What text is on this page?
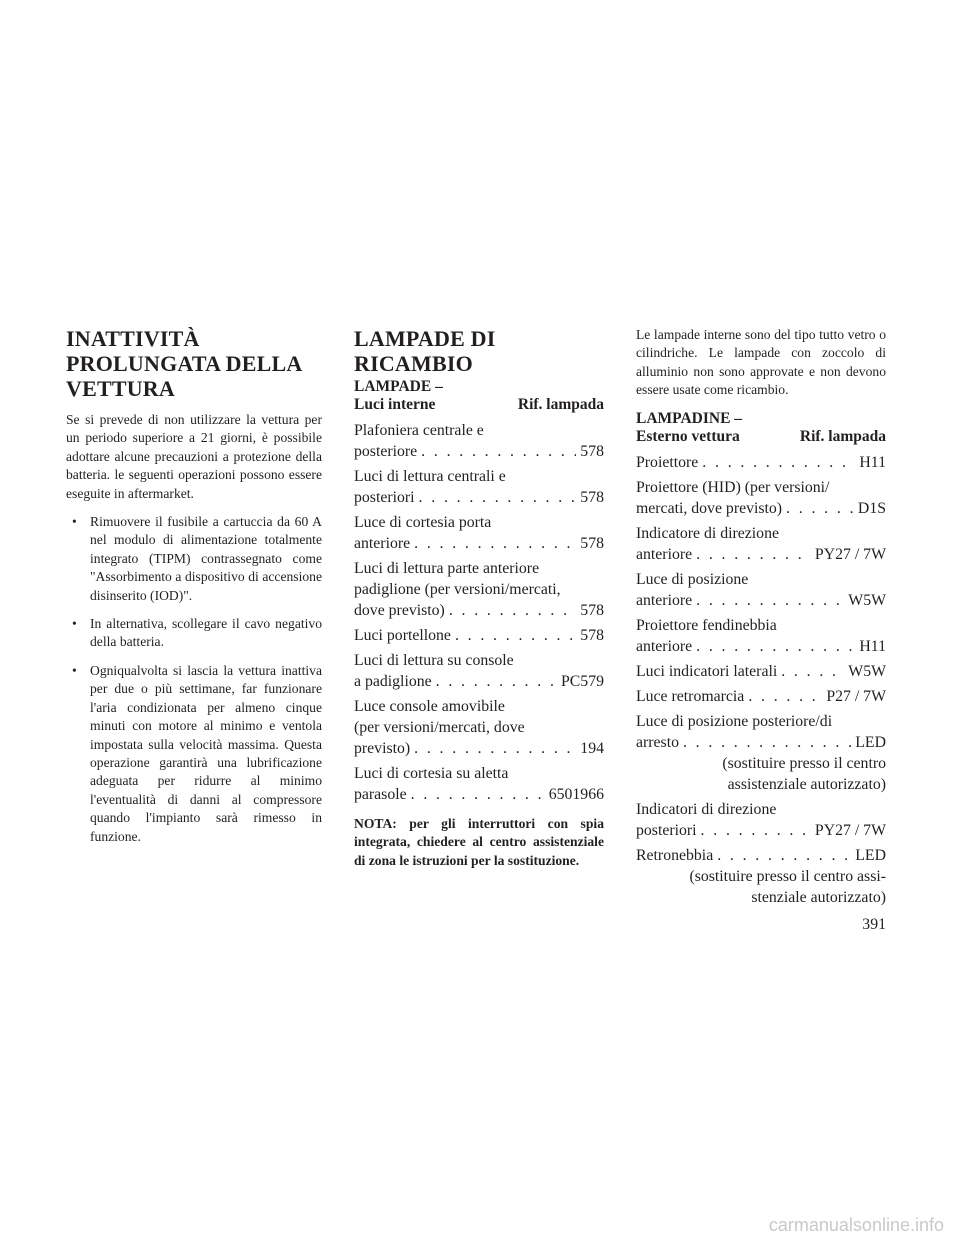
INATTIVITÀ
PROLUNGATA DELLA
VETTURA

Se si prevede di non utilizzare la vettura per un periodo superiore a 21 giorni, è possibile adottare alcune precauzioni a protezione della batteria. le seguenti operazioni possono essere eseguite in aftermarket.

• Rimuovere il fusibile a cartuccia da 60 A nel modulo di alimentazione totalmente integrato (TIPM) contrassegnato come "Assorbimento a dispositivo di accensione disinserito (IOD)".
• In alternativa, scollegare il cavo negativo della batteria.
• Ogniqualvolta si lascia la vettura inattiva per due o più settimane, far funzionare l'aria condizionata per almeno cinque minuti con motore al minimo e ventola impostata sulla velocità massima. Questa operazione garantirà una lubrificazione adeguata per ridurre al minimo l'eventualità di danni al compressore quando l'impianto sarà rimesso in funzione.
LAMPADE DI RICAMBIO
LAMPADE –
Luci interne	Rif. lampada
Plafoniera centrale e
posteriore . . .	578
Luci di lettura centrali e
posteriori . . .	578
Luce di cortesia porta
anteriore . . .	578
Luci di lettura parte anteriore
padiglione (per versioni/mercati,
dove previsto) . . .	578
Luci portellone . . .	578
Luci di lettura su console
a padiglione . . .	PC579
Luce console amovibile
(per versioni/mercati, dove
previsto) . . .	194
Luci di cortesia su aletta
parasole . . .	6501966

NOTA: per gli interruttori con spia integrata, chiedere al centro assistenziale di zona le istruzioni per la sostituzione.

Le lampade interne sono del tipo tutto vetro o cilindriche. Le lampade con zoccolo di alluminio non sono approvate e non devono essere usate come ricambio.

LAMPADINE –
Esterno vettura	Rif. lampada
Proiettore . . .	H11
Proiettore (HID) (per versioni/
mercati, dove previsto) . . .	D1S
Indicatore di direzione
anteriore . . .	PY27 / 7W
Luce di posizione
anteriore . . .	W5W
Proiettore fendinebbia
anteriore . . .	H11
Luci indicatori laterali . . .	W5W
Luce retromarcia . . .	P27 / 7W
Luce di posizione posteriore/di
arresto . . .	LED
(sostituire presso il centro
assistenziale autorizzato)
Indicatori di direzione
posteriori . . .	PY27 / 7W
Retronebbia . . .	LED
(sostituire presso il centro assi-
stenziale autorizzato)
391
carmanualsonline.info
